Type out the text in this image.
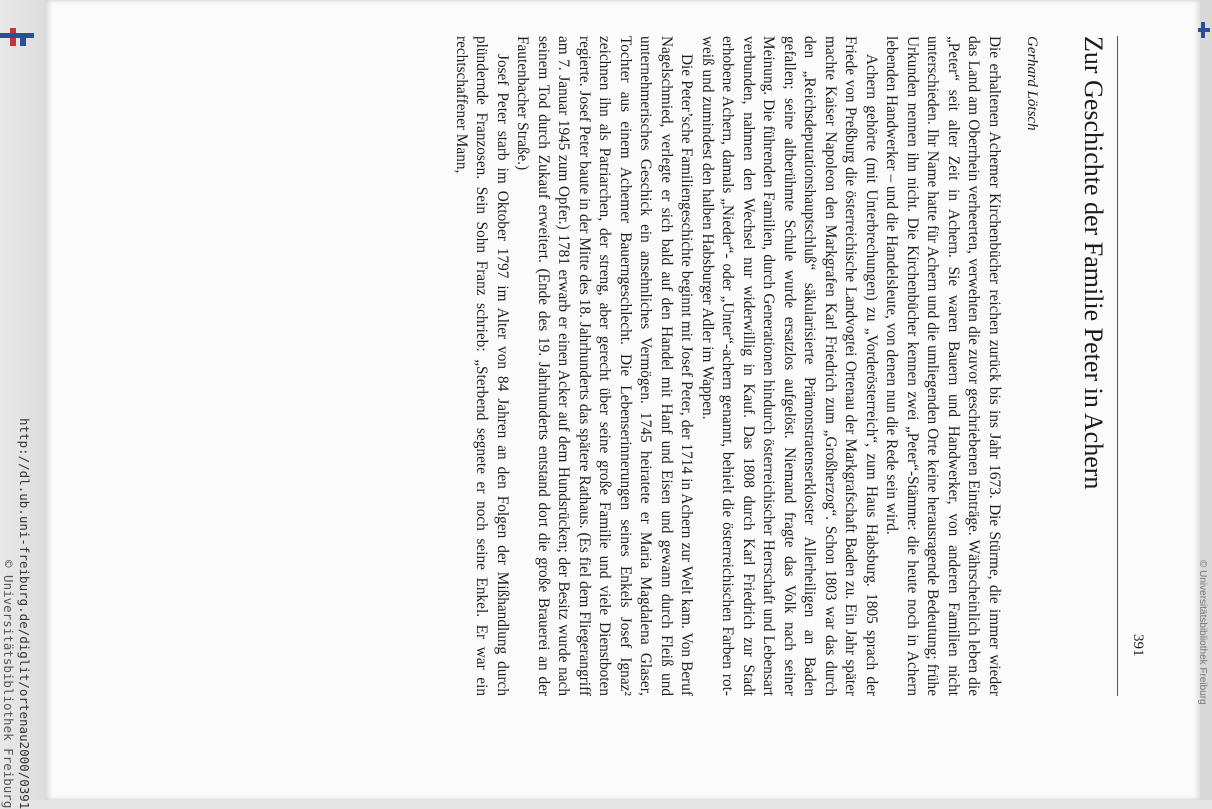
http://dl.ub.uni-freiburg.de/diglit/ortenau2000/0391
© Universitätsbibliothek Freiburg	© Universitätsbibliothek Freiburg
391
Zur Geschichte der Familie Peter in Achern
Gerhard Lötsch

Die erhaltenen Achemer Kirchenbücher reichen zurück bis ins Jahr 1673. Die Stürme, die immer wieder das Land am Oberrhein verheerten, verwehten die zuvor geschriebenen Einträge. Währscheinlich leben die „Peter“ seit alter Zeit in Achern. Sie waren Bauern und Handwerker, von anderen Familien nicht unterschieden. Ihr Name hatte für Achern und die umliegenden Orte keine herausragende Bedeutung; frühe Urkunden nennen ihn nicht. Die Kirchenbücher kennen zwei „Peter“-Stämme: die heute noch in Achern lebenden Handwerker – und die Handelsleute, von denen nun die Rede sein wird.

Achern gehörte (mit Unterbrechungen) zu „Vorderösterreich“, zum Haus Habsburg. 1805 sprach der Friede von Preßburg die österreichische Landvogtei Ortenau der Markgrafschaft Baden zu. Ein Jahr später machte Kaiser Napoleon den Markgrafen Karl Friedrich zum „Großherzog“. Schon 1803 war das durch den „Reichsdeputationshauptschluß“ säkularisierte Prämonstratenserkloster Allerheiligen an Baden gefallen; seine altberühmte Schule wurde ersatzlos aufgelöst. Niemand fragte das Volk nach seiner Meinung. Die führenden Familien, durch Generationen hindurch österreichischer Herrschaft und Lebensart verbunden, nahmen den Wechsel nur widerwillig in Kauf. Das 1808 durch Karl Friedrich zur Stadt erhobene Achern, damals „Nieder“- oder „Unter“-achern genannt, behielt die österreichischen Farben rot-weiß und zumindest den halben Habsburger Adler im Wappen.

Die Peter’sche Familiengeschichte beginnt mit Josef Peter, der 1714 in Achern zur Welt kam. Von Beruf Nagelschmied, verlegte er sich bald auf den Handel mit Hanf und Eisen und gewann durch Fleiß und unternehmerisches Geschick ein ansehnliches Vermögen. 1745 heiratete er Maria Magdalena Glaser, Tochter aus einem Achemer Bauerngeschlecht. Die Lebenserinnerungen seines Enkels Josef Ignaz² zeichnen ihn als Patriarchen, der streng, aber gerecht über seine große Familie und viele Dienstboten regierte. Josef Peter baute in der Mitte des 18. Jahrhunderts das spätere Rathaus. (Es fiel dem Fliegerangriff am 7. Januar 1945 zum Opfer.) 1781 erwarb er einen Acker auf dem Hundsrücken; der Besitz wurde nach seinem Tod durch Zukauf erweitert. (Ende des 19. Jahrhunderts entstand dort die große Brauerei an der Fautenbacher Straße.)

Josef Peter starb im Oktober 1797 im Alter von 84 Jahren an den Folgen der Mißhandlung durch plündernde Franzosen. Sein Sohn Franz schrieb: „Sterbend segnete er noch seine Enkel. Er war ein rechtschaffener Mann,
